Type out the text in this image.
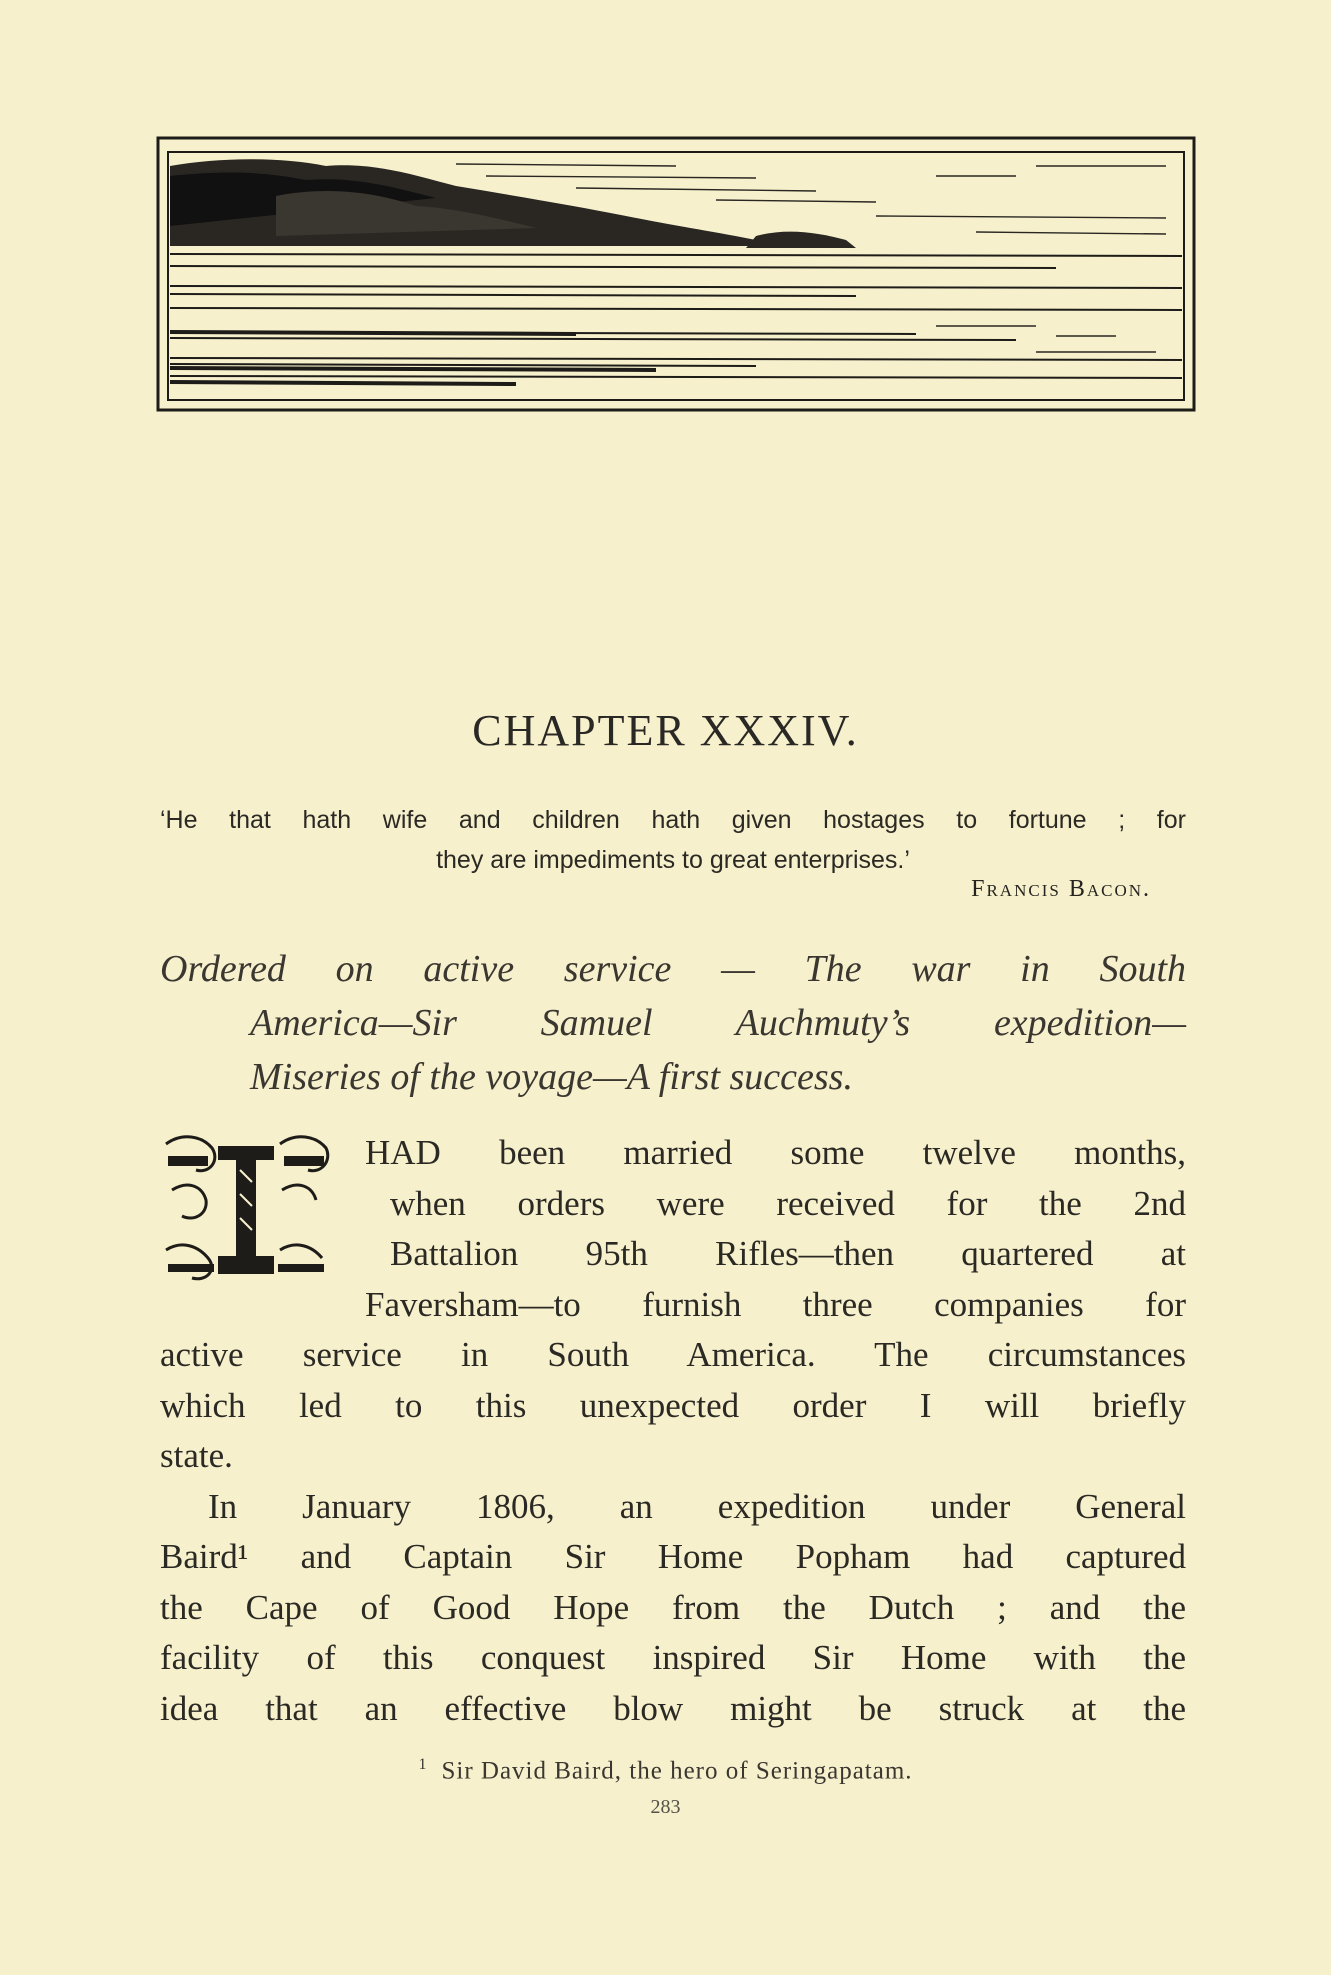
CHAPTER XXXIV.
‘He that hath wife and children hath given hostages to fortune ; for
they are impediments to great enterprises.’
Francis Bacon.
Ordered on active service — The war in South
America—Sir Samuel Auchmuty’s expedition—
Miseries of the voyage—A first success.
HAD been married some twelve months,
when orders were received for the 2nd
Battalion 95th Rifles—then quartered at
Faversham—to furnish three companies for
active service in South America. The circumstances
which led to this unexpected order I will briefly
state.
In January 1806, an expedition under General
Baird¹ and Captain Sir Home Popham had captured
the Cape of Good Hope from the Dutch ; and the
facility of this conquest inspired Sir Home with the
idea that an effective blow might be struck at the
$^1$ Sir David Baird, the hero of Seringapatam.
283
